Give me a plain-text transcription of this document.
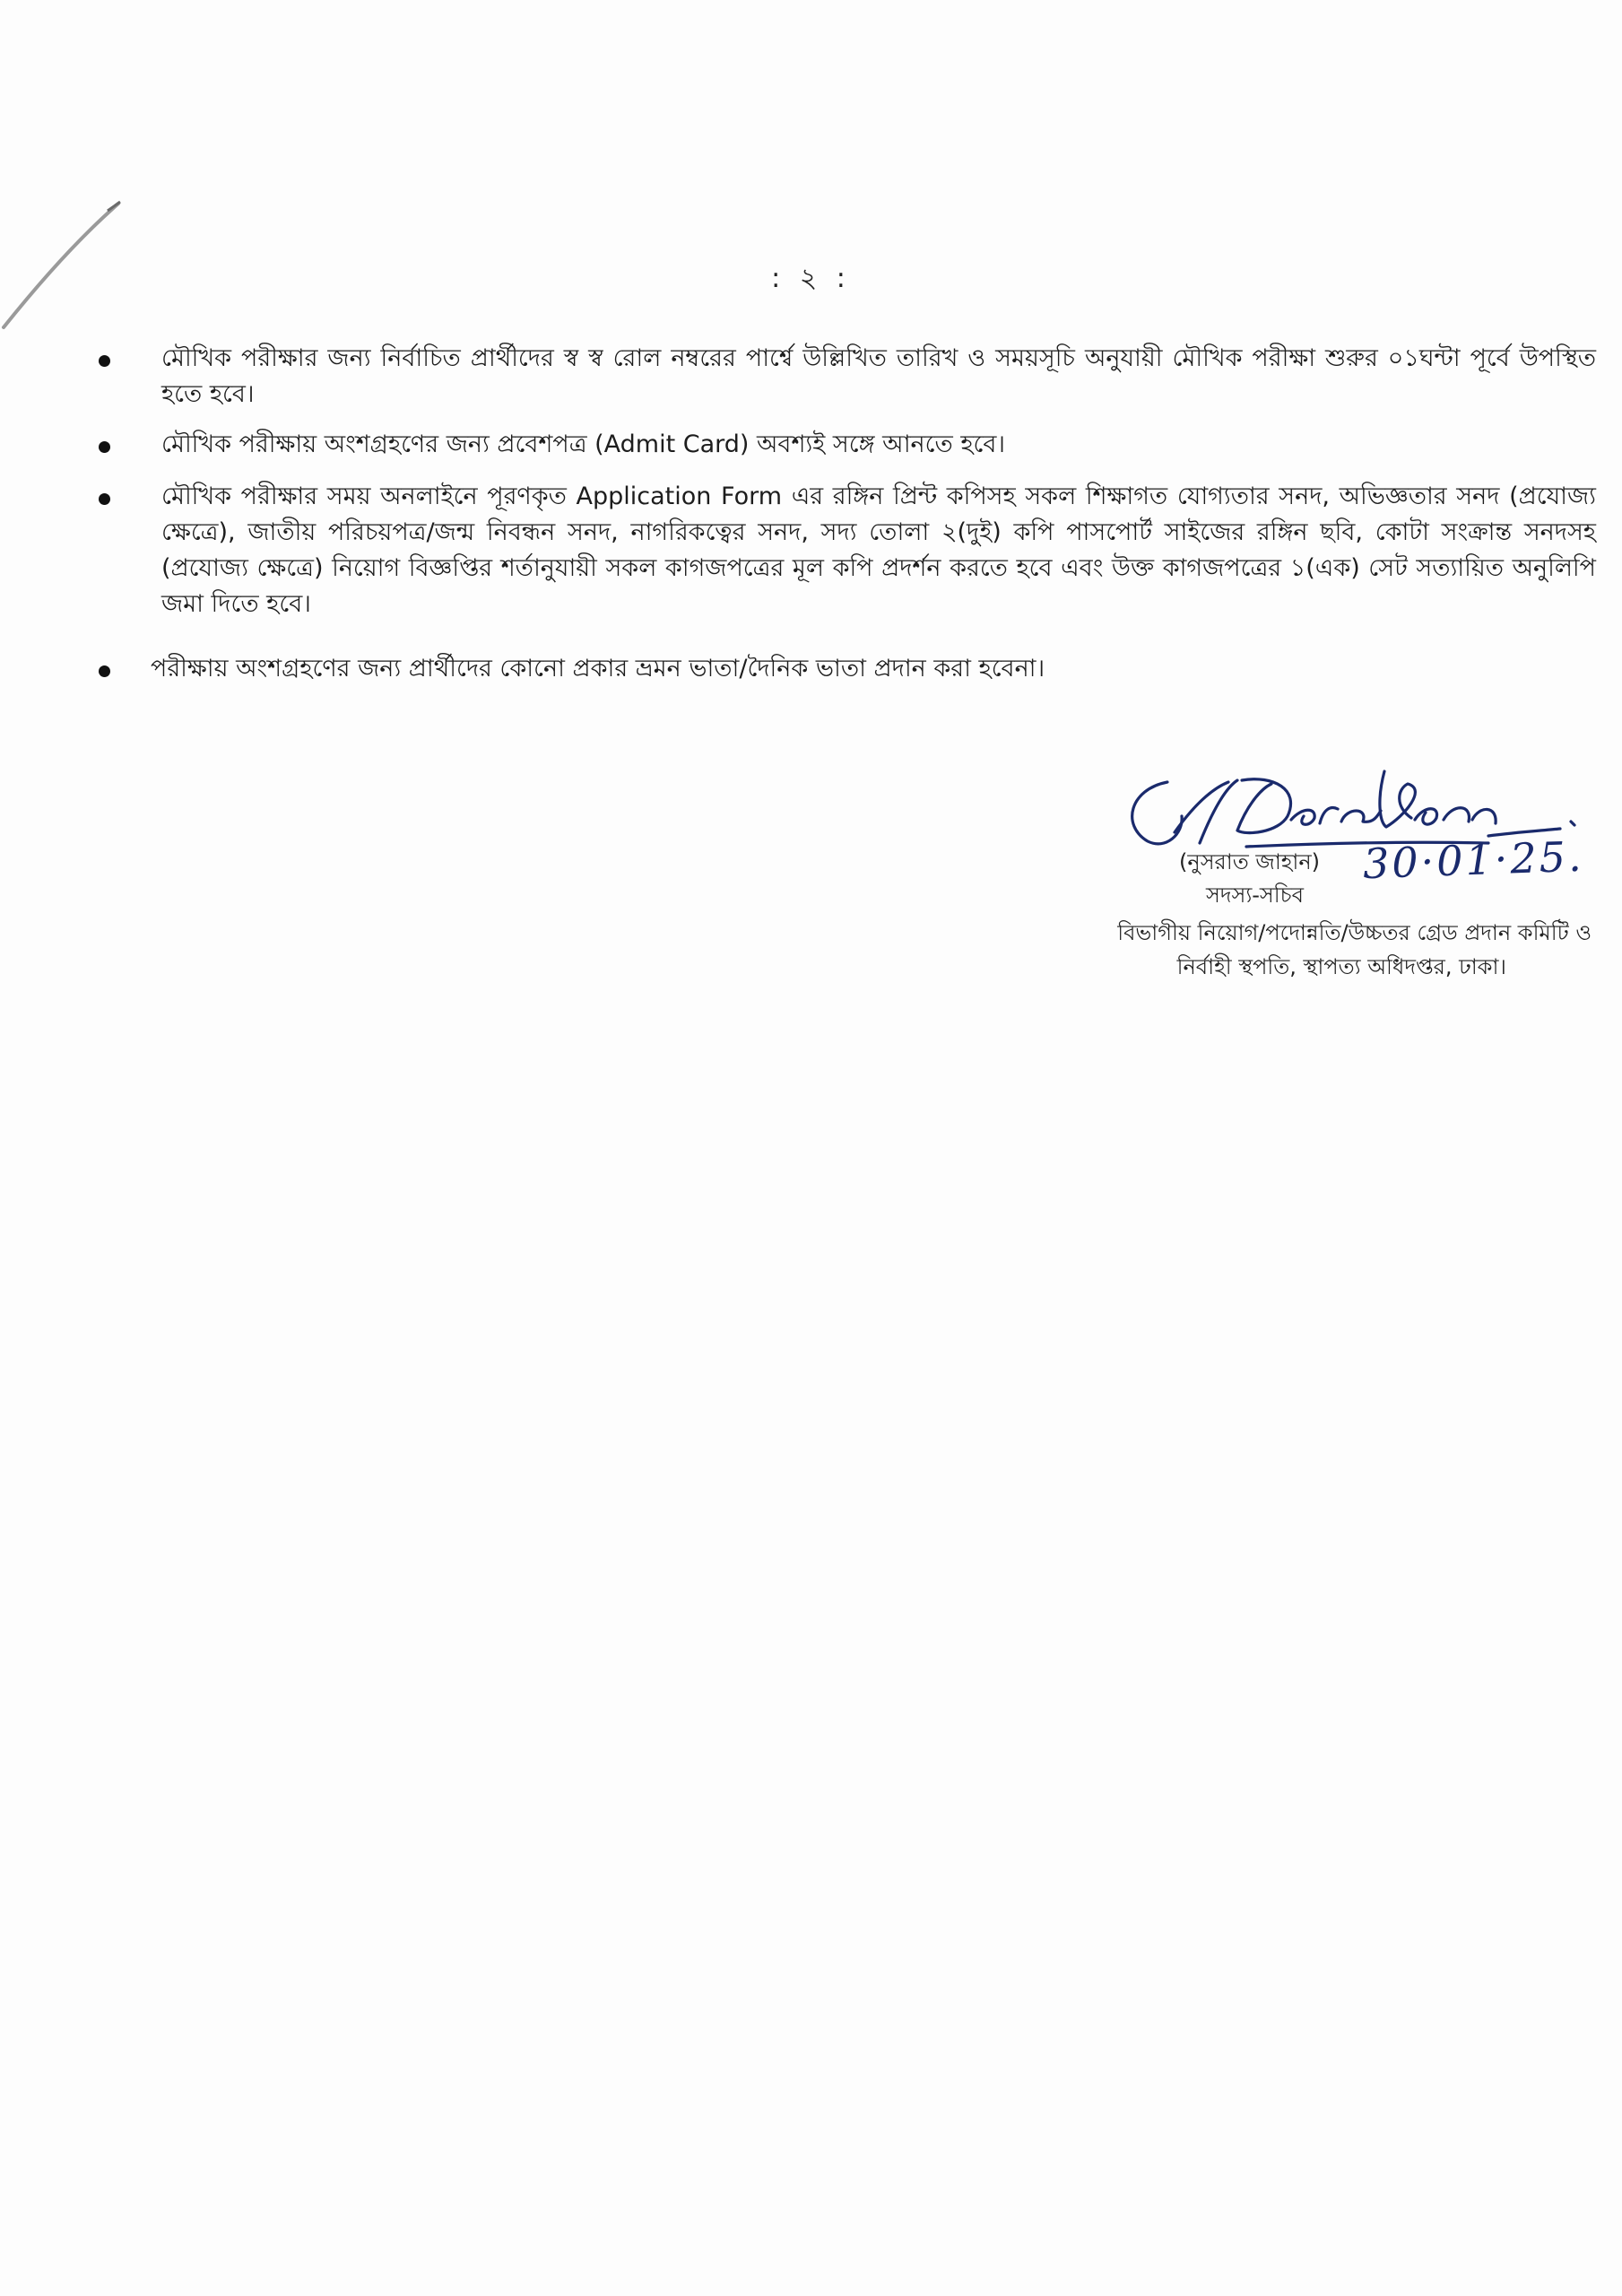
: ২ :
মৌখিক পরীক্ষার জন্য নির্বাচিত প্রার্থীদের স্ব স্ব রোল নম্বরের পার্শ্বে উল্লিখিত তারিখ ও সময়সূচি অনুযায়ী মৌখিক পরীক্ষা শুরুর ০১ঘন্টা পূর্বে উপস্থিত হতে হবে।
মৌখিক পরীক্ষায় অংশগ্রহণের জন্য প্রবেশপত্র (Admit Card) অবশ্যই সঙ্গে আনতে হবে।
মৌখিক পরীক্ষার সময় অনলাইনে পূরণকৃত Application Form এর রঙ্গিন প্রিন্ট কপিসহ সকল শিক্ষাগত যোগ্যতার সনদ, অভিজ্ঞতার সনদ (প্রযোজ্য ক্ষেত্রে), জাতীয় পরিচয়পত্র/জন্ম নিবন্ধন সনদ, নাগরিকত্বের সনদ, সদ্য তোলা ২(দুই) কপি পাসপোর্ট সাইজের রঙ্গিন ছবি, কোটা সংক্রান্ত সনদসহ (প্রযোজ্য ক্ষেত্রে) নিয়োগ বিজ্ঞপ্তির শর্তানুযায়ী সকল কাগজপত্রের মূল কপি প্রদর্শন করতে হবে এবং উক্ত কাগজপত্রের ১(এক) সেট সত্যায়িত অনুলিপি জমা দিতে হবে।
পরীক্ষায় অংশগ্রহণের জন্য প্রার্থীদের কোনো প্রকার ভ্রমন ভাতা/দৈনিক ভাতা প্রদান করা হবেনা।
(নুসরাত জাহান) 30·01·25.
সদস্য-সচিব
বিভাগীয় নিয়োগ/পদোন্নতি/উচ্চতর গ্রেড প্রদান কমিটি ও
নির্বাহী স্থপতি, স্থাপত্য অধিদপ্তর, ঢাকা।
